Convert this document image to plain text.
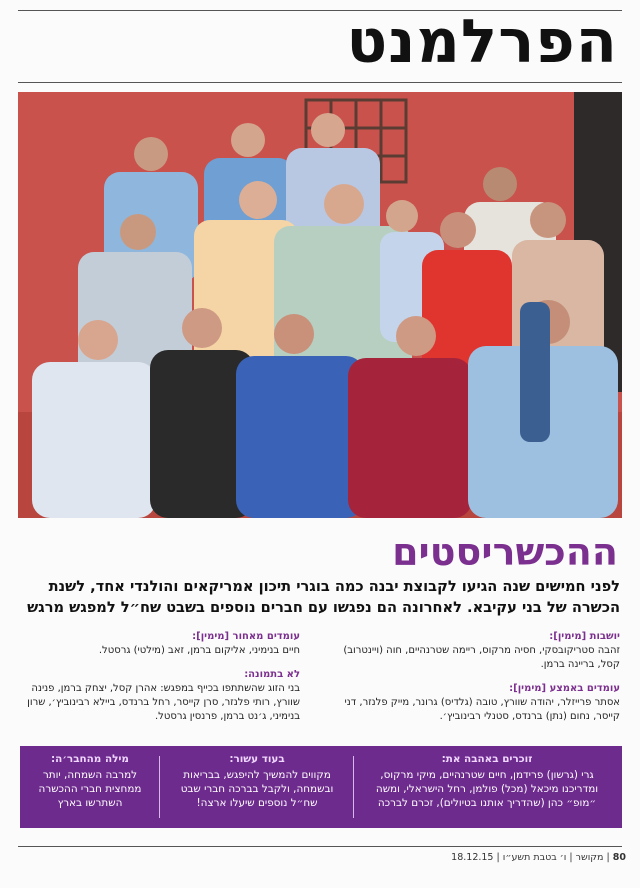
הפרלמנט
ההכשריסטים
לפני חמישים שנה הגיעו לקבוצת יבנה כמה בוגרי תיכון אמריקאים והולנדי אחד, לשנת הכשרה של בני עקיבא. לאחרונה הם נפגשו עם חברים נוספים בשבט שח״ל למפגש מרגש
יושבות [מימין]:
זהבה סטריקובסקי, חסיה מרקוס, ריימה שטרנהיים, חוה (ויינטרוב) קסל, בריינה ברמן.
עומדים באמצע [מימין]:
אסתר פרייזלר, יהודה שוורץ, טובה (גלדיס) גרונר, מייק פלנזר, דני קייסר, נחום (נתן) ברנדס, סטנלי רבינוביץ׳.
עומדים מאחור [מימין]:
חיים בנימיני, אליקום ברמן, זאב (מילטי) גרסטל.
לא בתמונה:
בני הזוג שהשתתפו בכייף במפגש: אהרן קסל, יצחק ברמן, פנינה שוורץ, רותי פלנזר, סרן קייסר, רחל ברנדס, ביילא רבינוביץ׳, שרון בנימיני, ג׳נט ברמן, פרנסין גרסטל.
זוכרים באהבה את:
גרי (גרשון) פרידמן, חיים שטרנהיים, מיקי מרקוס, ומדריכנו מיכאל (מכל) פולמן, רחל הישראלי, ומשה ״מופ״ כהן (שהדריך אותנו בטיולים), זכרם לברכה
בעוד עשור:
מקווים להמשיך להיפגש, בבריאות ובשמחה, ולקבל בברכה חברי שבט שח״ל נוספים שיעלו ארצה!
מילה מהחבר׳ה:
למרבה השמחה, יותר ממחצית חברי ההכשרה השתרשו בארץ
80 | מקושר | ו׳ בטבת תשע״ו | 18.12.15
